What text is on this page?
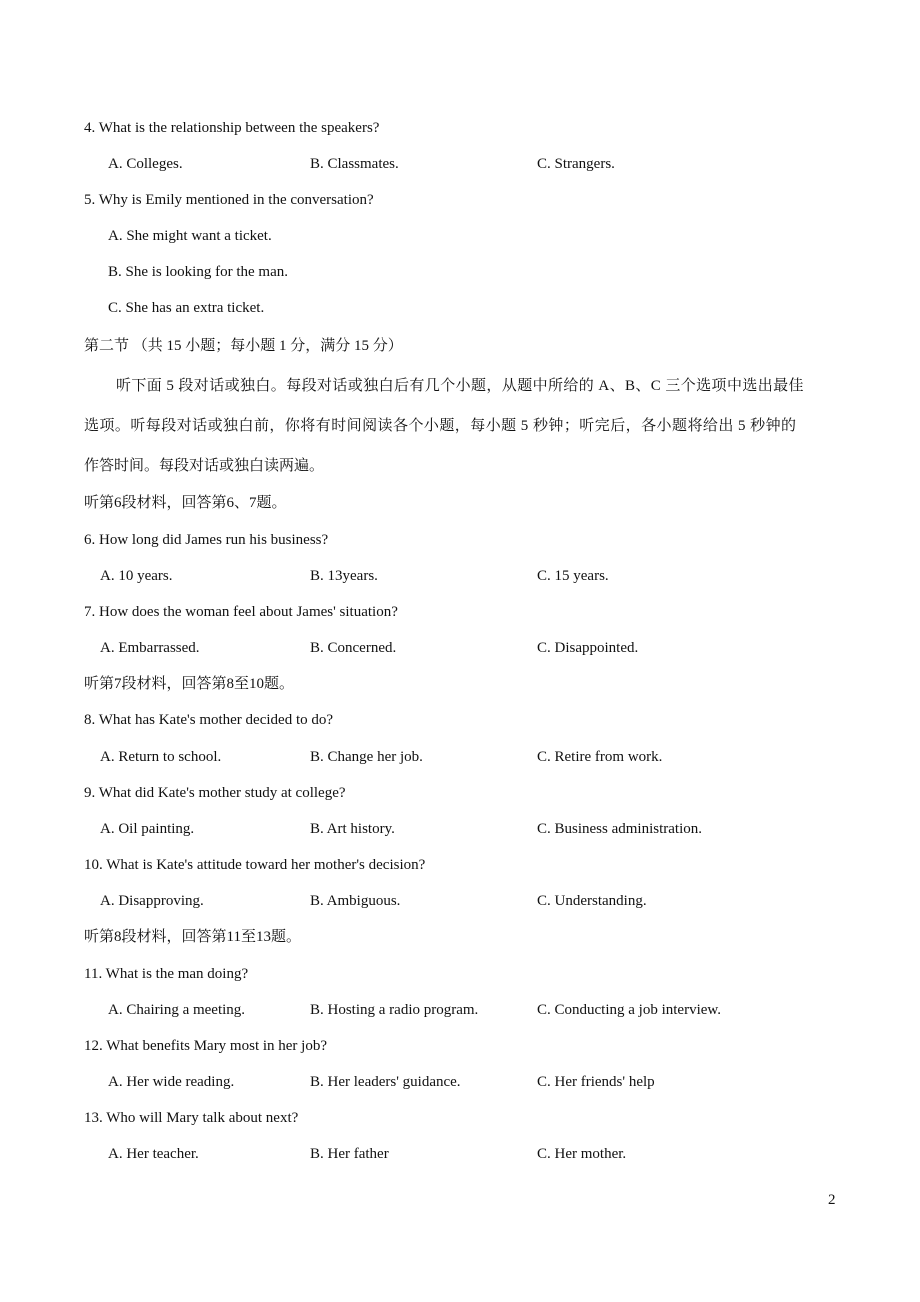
4. What is the relationship between the speakers?
A. Colleges.	B. Classmates.	C. Strangers.
5. Why is Emily mentioned in the conversation?
A. She might want a ticket.
B. She is looking for the man.
C. She has an extra ticket.
第二节 （共 15 小题；每小题 1 分，满分 15 分）
听下面 5 段对话或独白。每段对话或独白后有几个小题，从题中所给的 A、B、C 三个选项中选出最佳
选项。听每段对话或独白前，你将有时间阅读各个小题，每小题 5 秒钟；听完后，各小题将给出 5 秒钟的
作答时间。每段对话或独白读两遍。
听第6段材料，回答第6、7题。
6. How long did James run his business?
A. 10 years.	B. 13years.	C. 15 years.
7. How does the woman feel about James' situation?
A. Embarrassed.	B. Concerned.	C. Disappointed.
听第7段材料，回答第8至10题。
8. What has Kate's mother decided to do?
A. Return to school.	B. Change her job.	C. Retire from work.
9. What did Kate's mother study at college?
A. Oil painting.	B. Art history.	C. Business administration.
10. What is Kate's attitude toward her mother's decision?
A. Disapproving.	B. Ambiguous.	C. Understanding.
听第8段材料，回答第11至13题。
11. What is the man doing?
A. Chairing a meeting.	B. Hosting a radio program.	C. Conducting a job interview.
12. What benefits Mary most in her job?
A. Her wide reading.	B. Her leaders' guidance.	C. Her friends' help
13. Who will Mary talk about next?
A. Her teacher.	B. Her father	C. Her mother.
2
